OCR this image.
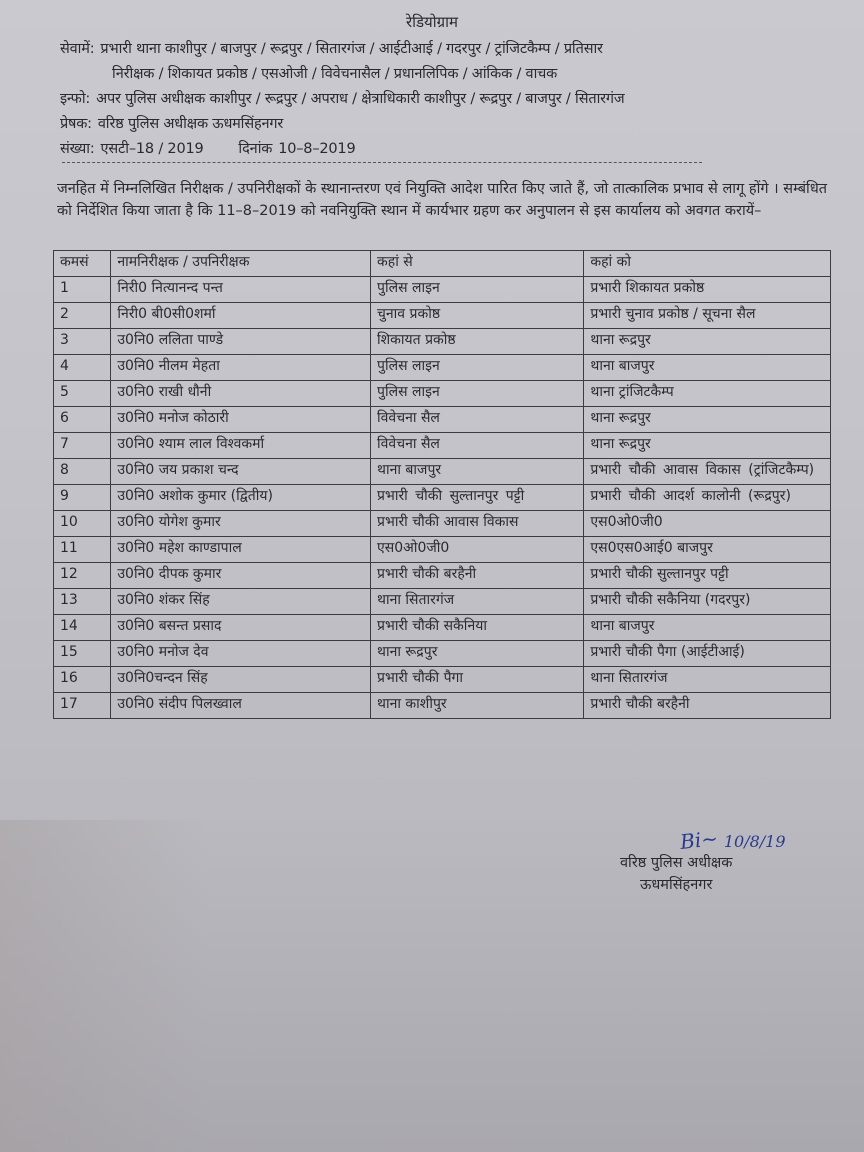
रेडियोग्राम
सेवामें: प्रभारी थाना काशीपुर / बाजपुर / रूद्रपुर / सितारगंज / आईटीआई / गदरपुर / ट्रांजिटकैम्प / प्रतिसार
निरीक्षक / शिकायत प्रकोष्ठ / एसओजी / विवेचनासैल / प्रधानलिपिक / आंकिक / वाचक
इन्फो: अपर पुलिस अधीक्षक काशीपुर / रूद्रपुर / अपराध / क्षेत्राधिकारी काशीपुर / रूद्रपुर / बाजपुर / सितारगंज
प्रेषक: वरिष्ठ पुलिस अधीक्षक ऊधमसिंहनगर
संख्या: एसटी–18 / 2019 दिनांक 10–8–2019
जनहित में निम्नलिखित निरीक्षक / उपनिरीक्षकों के स्थानान्तरण एवं नियुक्ति आदेश पारित किए जाते हैं, जो तात्कालिक प्रभाव से लागू होंगे । सम्बंधित को निर्देशित किया जाता है कि 11–8–2019 को नवनियुक्ति स्थान में कार्यभार ग्रहण कर अनुपालन से इस कार्यालय को अवगत करायें–
कमसं	नामनिरीक्षक / उपनिरीक्षक	कहां से	कहां को
1	निरी0 नित्यानन्द पन्त	पुलिस लाइन	प्रभारी शिकायत प्रकोष्ठ
2	निरी0 बी0सी0शर्मा	चुनाव प्रकोष्ठ	प्रभारी चुनाव प्रकोष्ठ / सूचना सैल
3	उ0नि0 ललिता पाण्डे	शिकायत प्रकोष्ठ	थाना रूद्रपुर
4	उ0नि0 नीलम मेहता	पुलिस लाइन	थाना बाजपुर
5	उ0नि0 राखी धौनी	पुलिस लाइन	थाना ट्रांजिटकैम्प
6	उ0नि0 मनोज कोठारी	विवेचना सैल	थाना रूद्रपुर
7	उ0नि0 श्याम लाल विश्वकर्मा	विवेचना सैल	थाना रूद्रपुर
8	उ0नि0 जय प्रकाश चन्द	थाना बाजपुर	प्रभारी चौकी आवास विकास (ट्रांजिटकैम्प)
9	उ0नि0 अशोक कुमार (द्वितीय)	प्रभारी चौकी सुल्तानपुर पट्टी	प्रभारी चौकी आदर्श कालोनी (रूद्रपुर)
10	उ0नि0 योगेश कुमार	प्रभारी चौकी आवास विकास	एस0ओ0जी0
11	उ0नि0 महेश काण्डापाल	एस0ओ0जी0	एस0एस0आई0 बाजपुर
12	उ0नि0 दीपक कुमार	प्रभारी चौकी बरहैनी	प्रभारी चौकी सुल्तानपुर पट्टी
13	उ0नि0 शंकर सिंह	थाना सितारगंज	प्रभारी चौकी सकैनिया (गदरपुर)
14	उ0नि0 बसन्त प्रसाद	प्रभारी चौकी सकैनिया	थाना बाजपुर
15	उ0नि0 मनोज देव	थाना रूद्रपुर	प्रभारी चौकी पैगा (आईटीआई)
16	उ0नि0चन्दन सिंह	प्रभारी चौकी पैगा	थाना सितारगंज
17	उ0नि0 संदीप पिलख्वाल	थाना काशीपुर	प्रभारी चौकी बरहैनी
Bi~ 10/8/19
वरिष्ठ पुलिस अधीक्षक
ऊधमसिंहनगर
